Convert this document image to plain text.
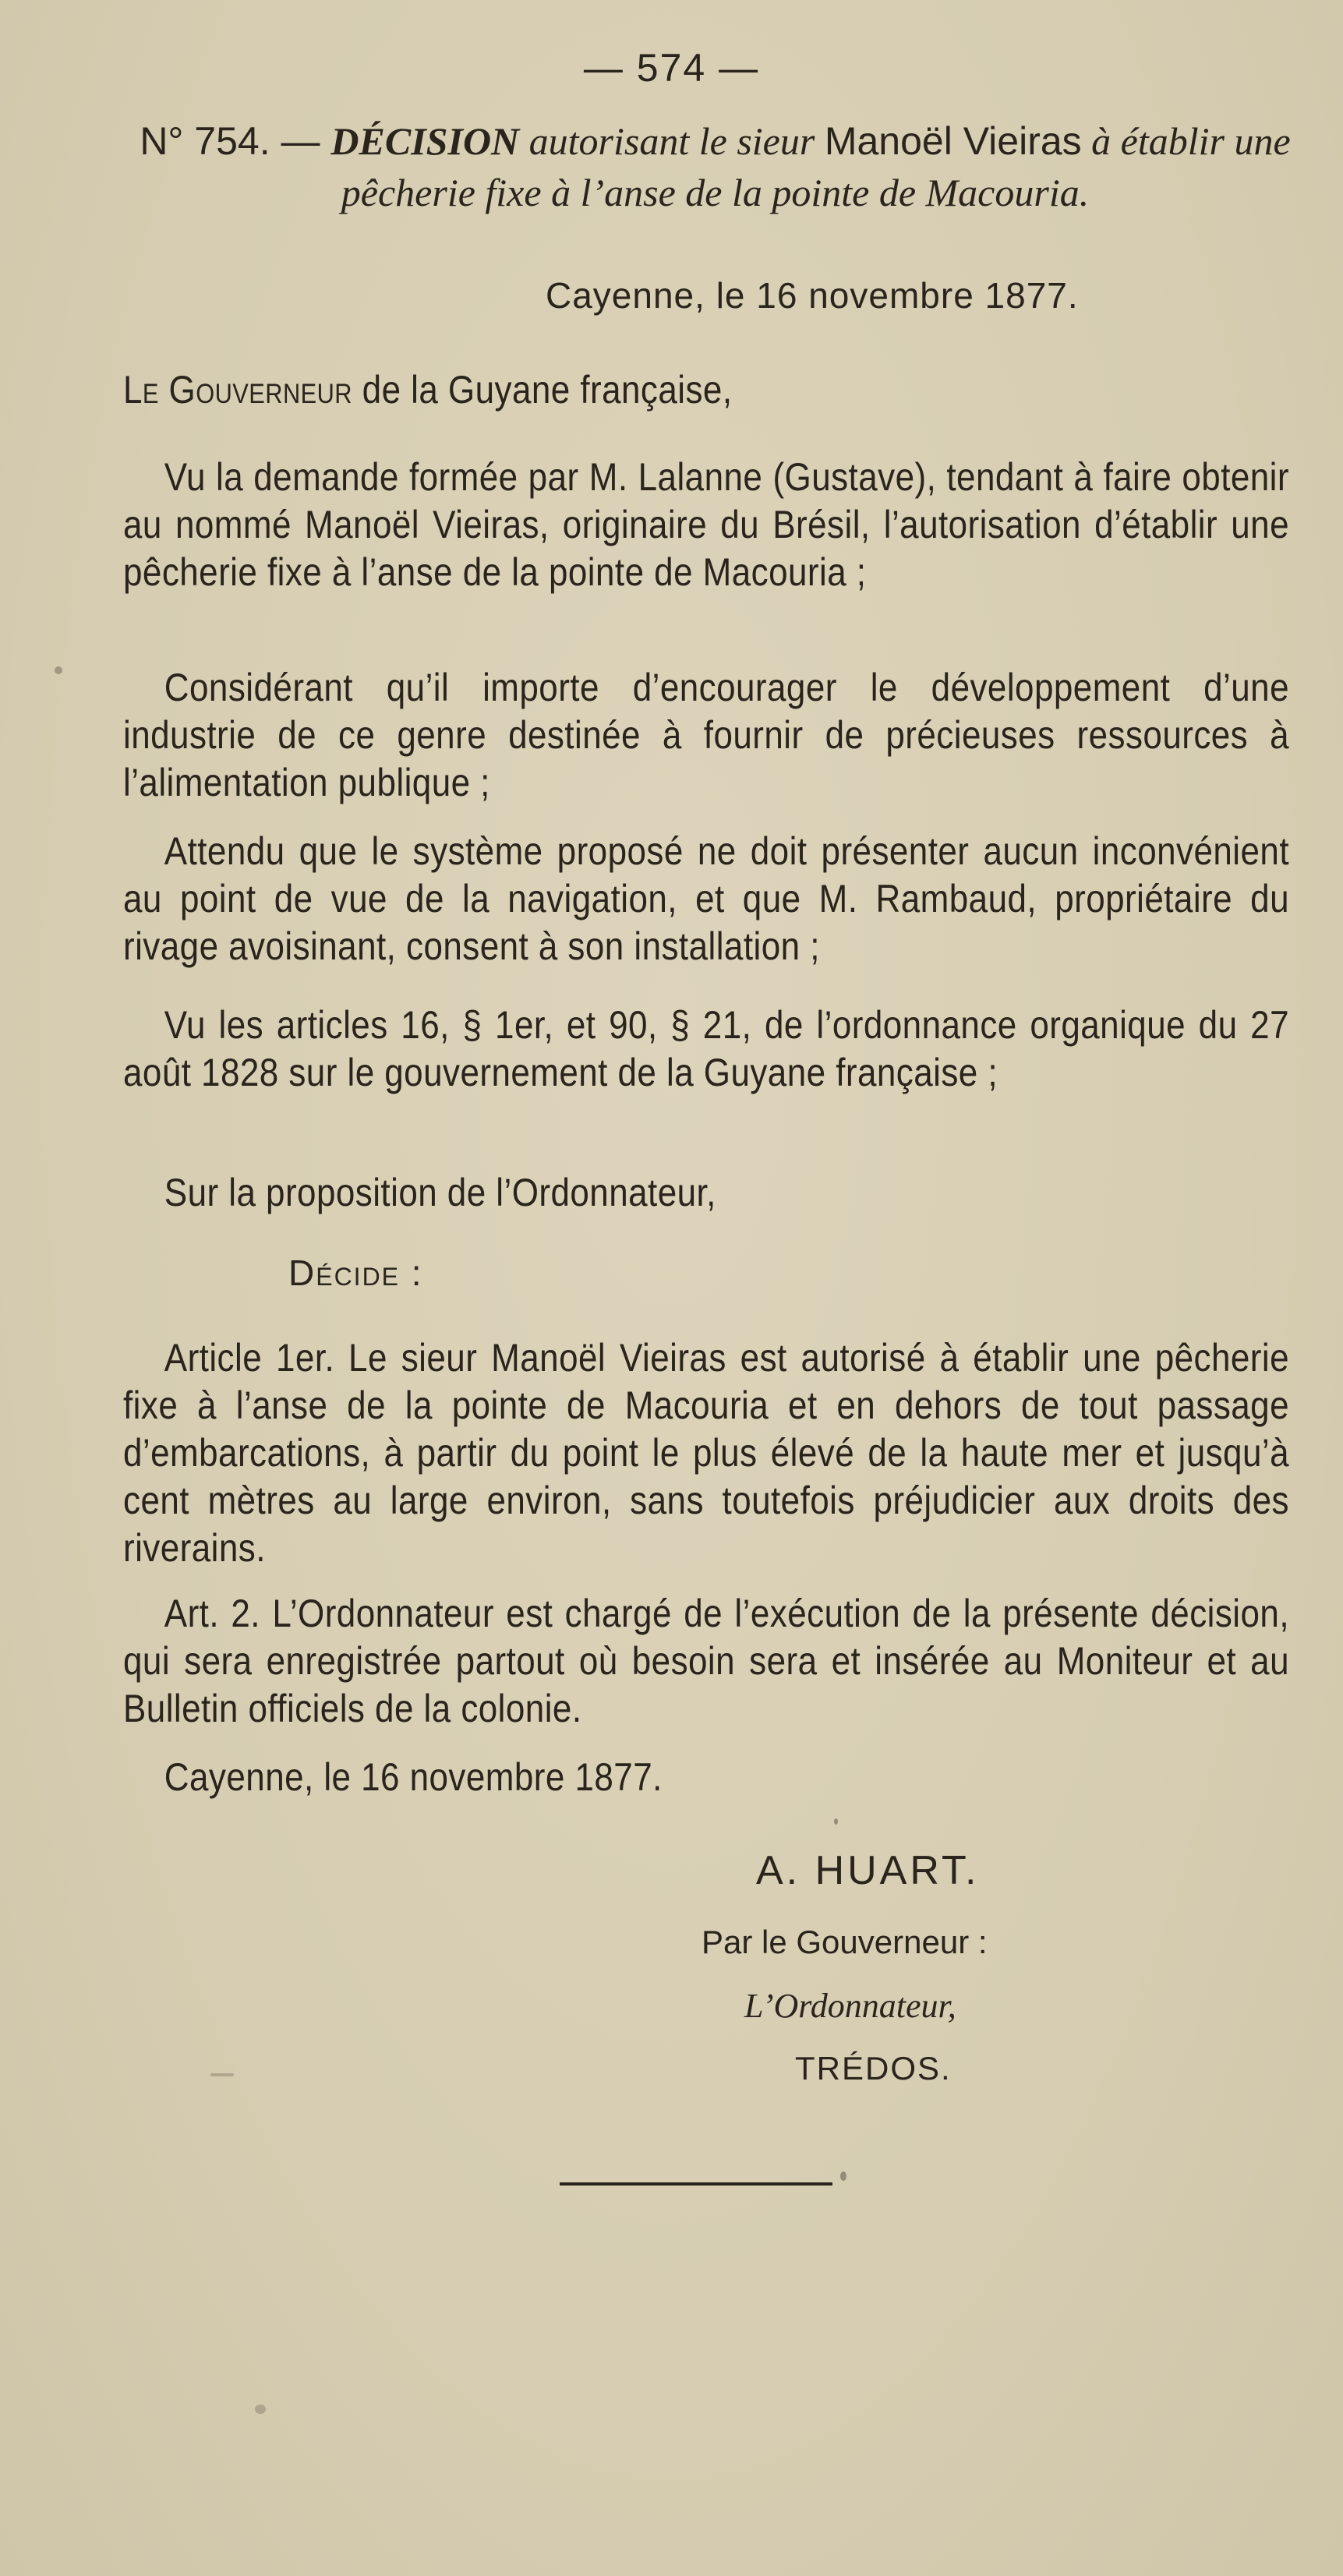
— 574 —
N° 754. — DÉCISION autorisant le sieur Manoël Vieiras à établir une pêcherie fixe à l’anse de la pointe de Macouria.
Cayenne, le 16 novembre 1877.

Le Gouverneur de la Guyane française,

Vu la demande formée par M. Lalanne (Gustave), tendant à faire obtenir au nommé Manoël Vieiras, originaire du Brésil, l’autorisation d’établir une pêcherie fixe à l’anse de la pointe de Macouria ;

Considérant qu’il importe d’encourager le développement d’une industrie de ce genre destinée à fournir de précieuses ressources à l’alimentation publique ;

Attendu que le système proposé ne doit présenter aucun inconvénient au point de vue de la navigation, et que M. Rambaud, propriétaire du rivage avoisinant, consent à son installation ;

Vu les articles 16, § 1er, et 90, § 21, de l’ordonnance organique du 27 août 1828 sur le gouvernement de la Guyane française ;

Sur la proposition de l’Ordonnateur,

Décide :

Article 1er. Le sieur Manoël Vieiras est autorisé à établir une pêcherie fixe à l’anse de la pointe de Macouria et en dehors de tout passage d’embarcations, à partir du point le plus élevé de la haute mer et jusqu’à cent mètres au large environ, sans toutefois préjudicier aux droits des riverains.

Art. 2. L’Ordonnateur est chargé de l’exécution de la présente décision, qui sera enregistrée partout où besoin sera et insérée au Moniteur et au Bulletin officiels de la colonie.

Cayenne, le 16 novembre 1877.

A. HUART.
Par le Gouverneur :
L’Ordonnateur,
TRÉDOS.
